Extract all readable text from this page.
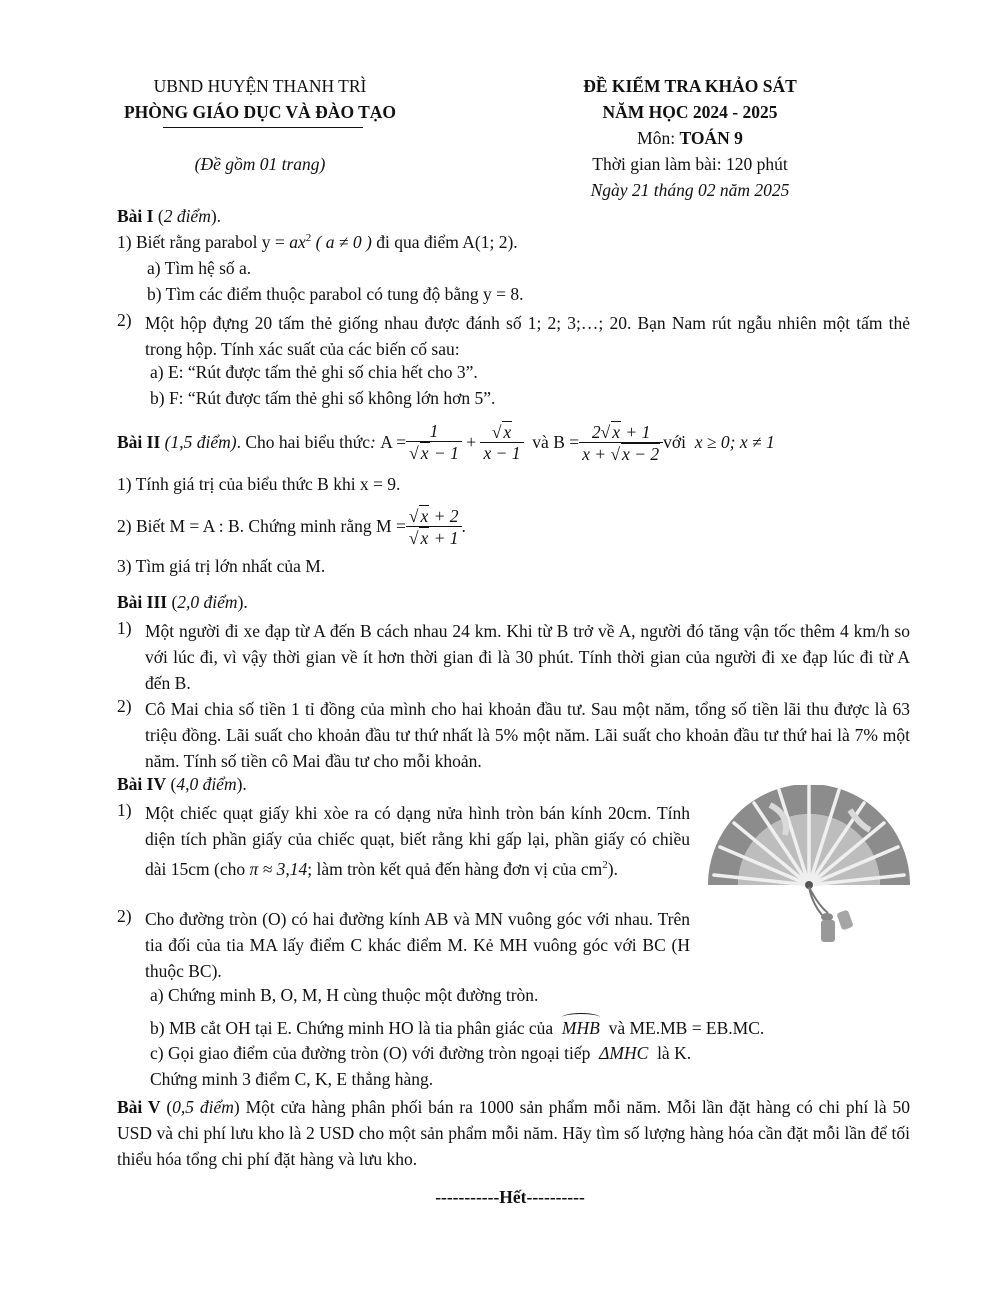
UBND HUYỆN THANH TRÌ
PHÒNG GIÁO DỤC VÀ ĐÀO TẠO
(Đề gồm 01 trang)
ĐỀ KIỂM TRA KHẢO SÁT
NĂM HỌC 2024 - 2025
Môn: TOÁN 9
Thời gian làm bài: 120 phút
Ngày 21 tháng 02 năm 2025
Bài I (2 điểm).
1) Biết rằng parabol $y = ax^2$ ( a ≠ 0 ) đi qua điểm A(1; 2).
a) Tìm hệ số a.
b) Tìm các điểm thuộc parabol có tung độ bằng y = 8.
2) Một hộp đựng 20 tấm thẻ giống nhau được đánh số 1; 2; 3;…; 20. Bạn Nam rút ngẫu nhiên một tấm thẻ trong hộp. Tính xác suất của các biến cố sau:
a) E: “Rút được tấm thẻ ghi số chia hết cho 3”.
b) F: “Rút được tấm thẻ ghi số không lớn hơn 5”.
Bài II
(1,5 điểm) . Cho hai biểu thức :
$A = \frac{1}{√ x - 1} + \frac{√ x}{x - 1}$
và $B = \frac{2√ x + 1}{x + √ x - 2}$ với
x ≥ 0; x ≠ 1
1) Tính giá trị của biểu thức B khi x = 9.
2) Biết M = A : B. Chứng minh rằng $M = \frac{√ x + 2}{√ x + 1}$ .
3) Tìm giá trị lớn nhất của M.
Bài III (2,0 điểm).
1) Một người đi xe đạp từ A đến B cách nhau 24 km. Khi từ B trở về A, người đó tăng vận tốc thêm 4 km/h so với lúc đi, vì vậy thời gian về ít hơn thời gian đi là 30 phút. Tính thời gian của người đi xe đạp lúc đi từ A đến B.
2) Cô Mai chia số tiền 1 tỉ đồng của mình cho hai khoản đầu tư. Sau một năm, tổng số tiền lãi thu được là 63 triệu đồng. Lãi suất cho khoản đầu tư thứ nhất là 5% một năm. Lãi suất cho khoản đầu tư thứ hai là 7% một năm. Tính số tiền cô Mai đầu tư cho mỗi khoản.
Bài IV (4,0 điểm).
1) Một chiếc quạt giấy khi xòe ra có dạng nửa hình tròn bán kính 20cm. Tính diện tích phần giấy của chiếc quạt, biết rằng khi gấp lại, phần giấy có chiều dài 15cm (cho π ≈ 3,14; làm tròn kết quả đến hàng đơn vị của $cm^2$).
2) Cho đường tròn (O) có hai đường kính AB và MN vuông góc với nhau. Trên tia đối của tia MA lấy điểm C khác điểm M. Kẻ MH vuông góc với BC (H thuộc BC).
a) Chứng minh B, O, M, H cùng thuộc một đường tròn.
b) MB cắt OH tại E. Chứng minh HO là tia phân giác của MHB và ME.MB = EB.MC.
c) Gọi giao điểm của đường tròn (O) với đường tròn ngoại tiếp ΔMHC là K.
Chứng minh 3 điểm C, K, E thẳng hàng.
Bài V (0,5 điểm) Một cửa hàng phân phối bán ra 1000 sản phẩm mỗi năm. Mỗi lần đặt hàng có chi phí là 50 USD và chi phí lưu kho là 2 USD cho một sản phẩm mỗi năm. Hãy tìm số lượng hàng hóa cần đặt mỗi lần để tối thiểu hóa tổng chi phí đặt hàng và lưu kho.
-----------Hết----------
